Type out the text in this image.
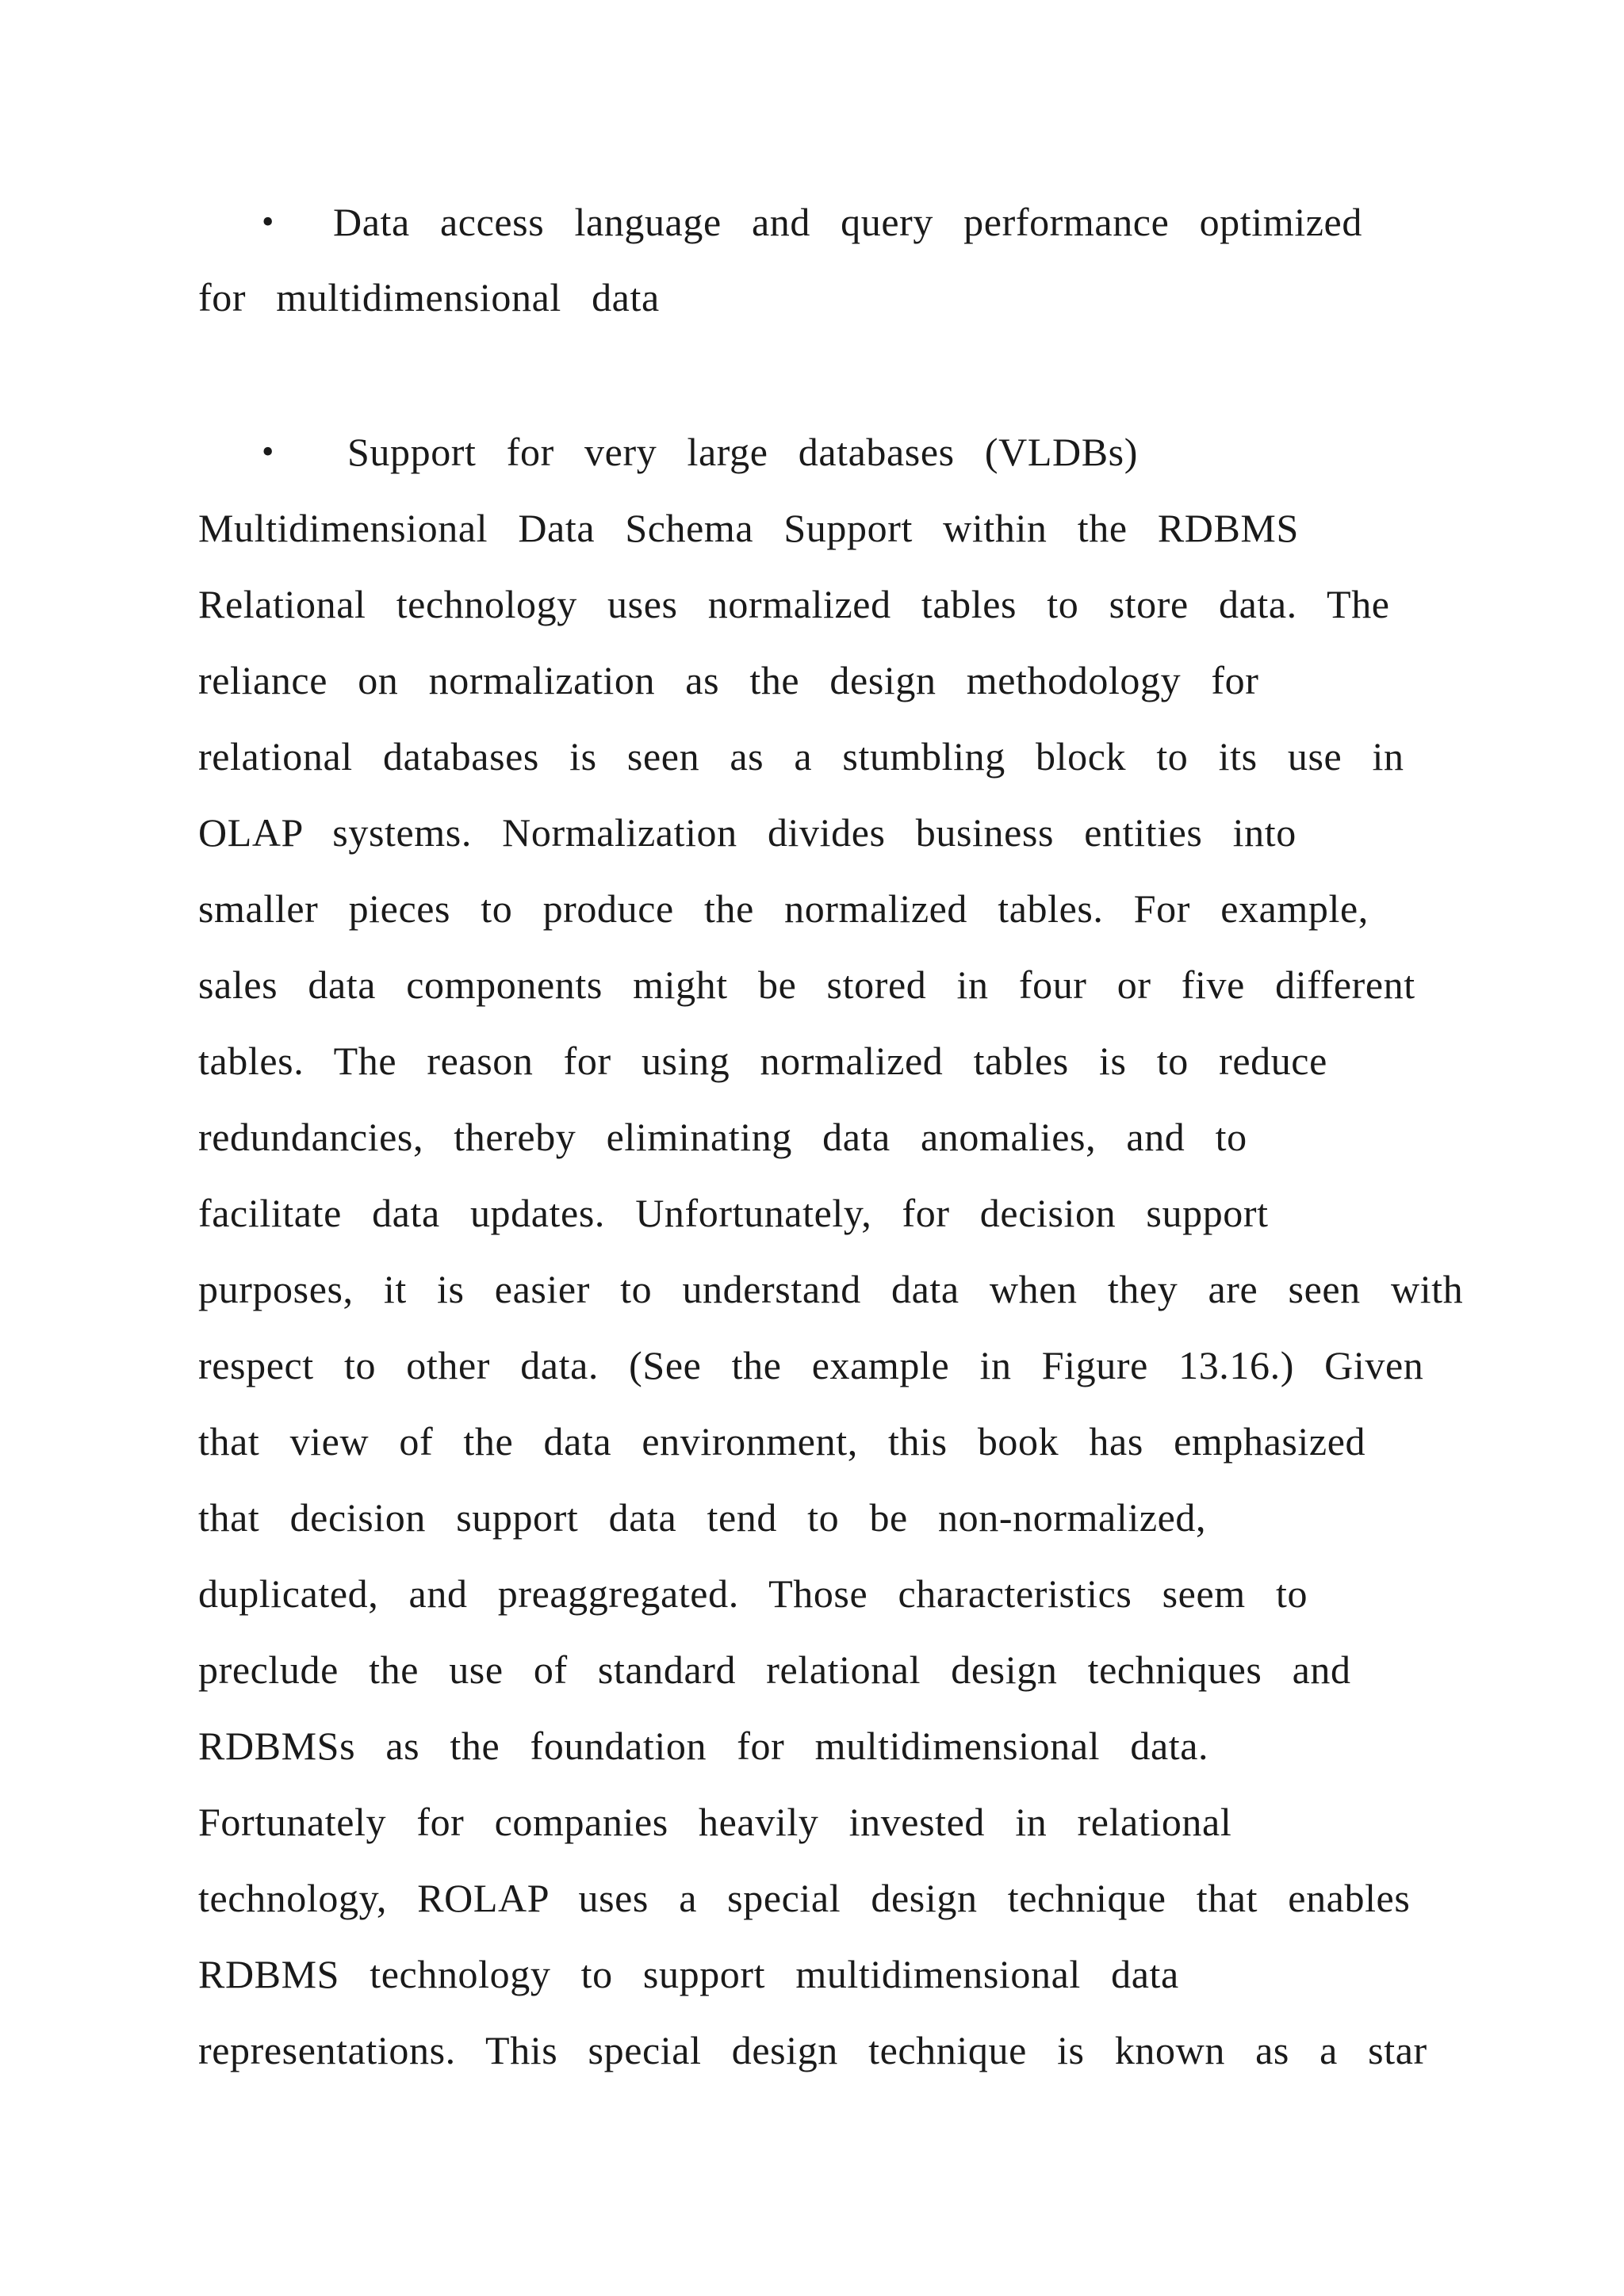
• Data  access  language  and  query  performance  optimized
for  multidimensional  data
• Support  for  very  large  databases  (VLDBs)
Multidimensional  Data  Schema  Support  within  the  RDBMS
Relational  technology  uses  normalized  tables  to  store  data.  The
reliance  on  normalization  as  the  design  methodology  for
relational  databases  is  seen  as  a  stumbling  block  to  its  use  in
OLAP  systems.  Normalization  divides  business  entities  into
smaller  pieces  to  produce  the  normalized  tables.  For  example,
sales  data  components  might  be  stored  in  four  or  five  different
tables.  The  reason  for  using  normalized  tables  is  to  reduce
redundancies,  thereby  eliminating  data  anomalies,  and  to
facilitate  data  updates.  Unfortunately,  for  decision  support
purposes,  it  is  easier  to  understand  data  when  they  are  seen  with
respect  to  other  data.  (See  the  example  in  Figure  13.16.)  Given
that  view  of  the  data  environment,  this  book  has  emphasized
that  decision  support  data  tend  to  be  non-normalized,
duplicated,  and  preaggregated.  Those  characteristics  seem  to
preclude  the  use  of  standard  relational  design  techniques  and
RDBMSs  as  the  foundation  for  multidimensional  data.
Fortunately  for  companies  heavily  invested  in  relational
technology,  ROLAP  uses  a  special  design  technique  that  enables
RDBMS  technology  to  support  multidimensional  data
representations.  This  special  design  technique  is  known  as  a  star
